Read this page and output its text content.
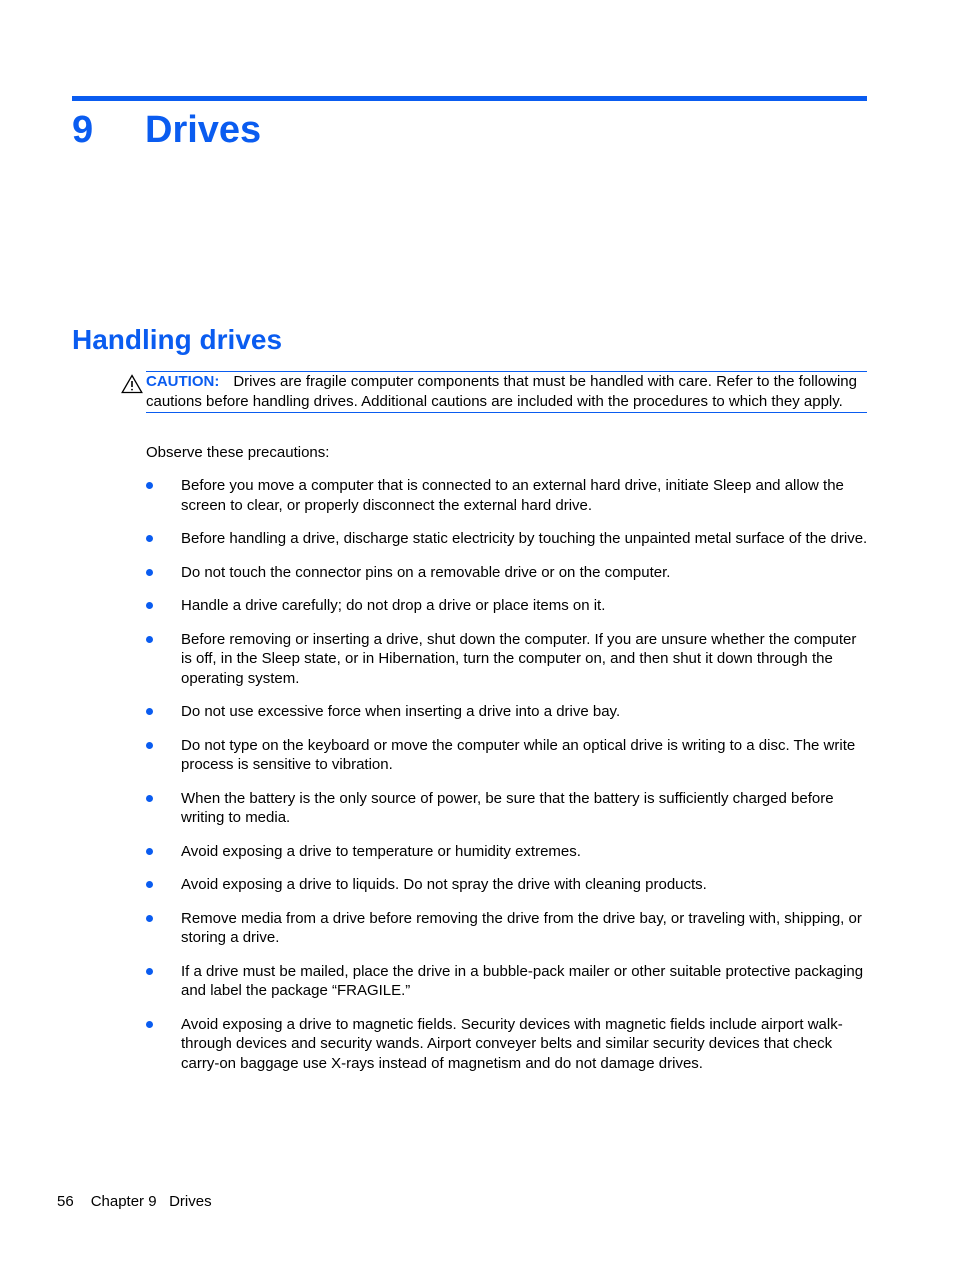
9 Drives
Handling drives
CAUTION: Drives are fragile computer components that must be handled with care. Refer to the following cautions before handling drives. Additional cautions are included with the procedures to which they apply.

Observe these precautions:

Before you move a computer that is connected to an external hard drive, initiate Sleep and allow the screen to clear, or properly disconnect the external hard drive.
Before handling a drive, discharge static electricity by touching the unpainted metal surface of the drive.
Do not touch the connector pins on a removable drive or on the computer.
Handle a drive carefully; do not drop a drive or place items on it.
Before removing or inserting a drive, shut down the computer. If you are unsure whether the computer is off, in the Sleep state, or in Hibernation, turn the computer on, and then shut it down through the operating system.
Do not use excessive force when inserting a drive into a drive bay.
Do not type on the keyboard or move the computer while an optical drive is writing to a disc. The write process is sensitive to vibration.
When the battery is the only source of power, be sure that the battery is sufficiently charged before writing to media.
Avoid exposing a drive to temperature or humidity extremes.
Avoid exposing a drive to liquids. Do not spray the drive with cleaning products.
Remove media from a drive before removing the drive from the drive bay, or traveling with, shipping, or storing a drive.
If a drive must be mailed, place the drive in a bubble-pack mailer or other suitable protective packaging and label the package “FRAGILE.”
Avoid exposing a drive to magnetic fields. Security devices with magnetic fields include airport walk-through devices and security wands. Airport conveyer belts and similar security devices that check carry-on baggage use X-rays instead of magnetism and do not damage drives.
56 Chapter 9   Drives
